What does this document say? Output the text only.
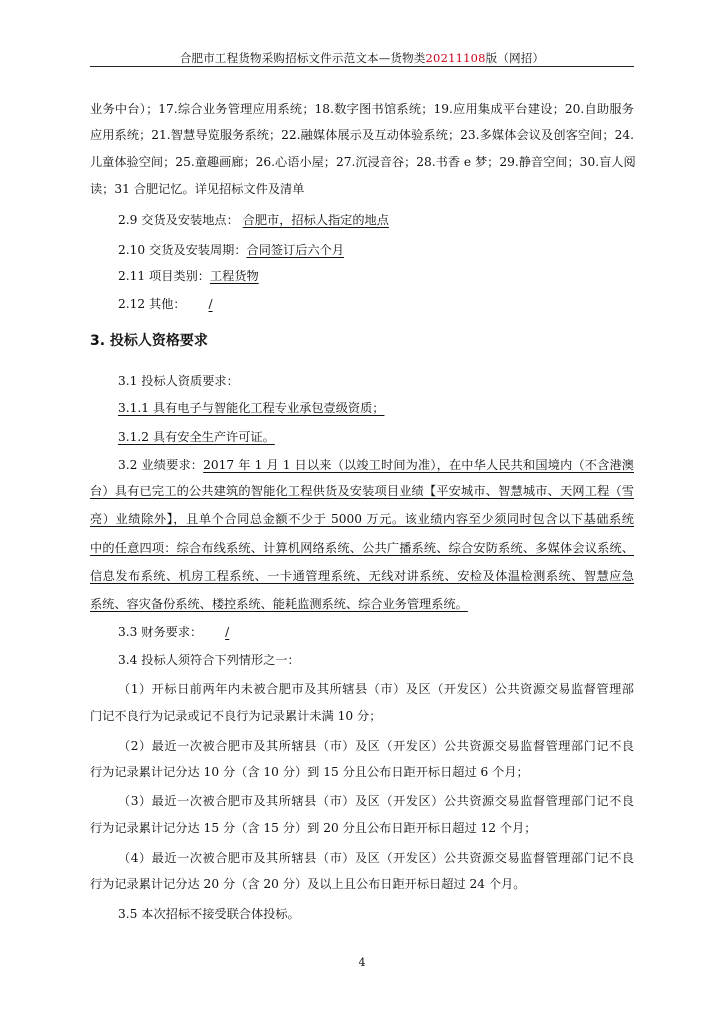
合肥市工程货物采购招标文件示范文本—货物类20211108版（网招）
业务中台）；17.综合业务管理应用系统；18.数字图书馆系统；19.应用集成平台建设；20.自助服务
应用系统；21.智慧导览服务系统；22.融媒体展示及互动体验系统；23.多媒体会议及创客空间；24.
儿童体验空间；25.童趣画廊；26.心语小屋；27.沉浸音谷；28.书香 e 梦；29.静音空间；30.盲人阅
读；31 合肥记忆。详见招标文件及清单
2.9 交货及安装地点： 合肥市，招标人指定的地点
2.10 交货及安装周期：合同签订后六个月
2.11 项目类别：工程货物
2.12 其他： /
3. 投标人资格要求
3.1 投标人资质要求：
3.1.1 具有电子与智能化工程专业承包壹级资质；
3.1.2 具有安全生产许可证。
3.2 业绩要求：2017 年 1 月 1 日以来（以竣工时间为准），在中华人民共和国境内（不含港澳
台）具有已完工的公共建筑的智能化工程供货及安装项目业绩【平安城市、智慧城市、天网工程（雪
亮）业绩除外】，且单个合同总金额不少于 5000 万元。该业绩内容至少须同时包含以下基础系统
中的任意四项：综合布线系统、计算机网络系统、公共广播系统、综合安防系统、多媒体会议系统、
信息发布系统、机房工程系统、一卡通管理系统、无线对讲系统、安检及体温检测系统、智慧应急
系统、容灾备份系统、楼控系统、能耗监测系统、综合业务管理系统。
3.3 财务要求： /
3.4 投标人须符合下列情形之一：
（1）开标日前两年内未被合肥市及其所辖县（市）及区（开发区）公共资源交易监督管理部
门记不良行为记录或记不良行为记录累计未满 10 分；
（2）最近一次被合肥市及其所辖县（市）及区（开发区）公共资源交易监督管理部门记不良
行为记录累计记分达 10 分（含 10 分）到 15 分且公布日距开标日超过 6 个月；
（3）最近一次被合肥市及其所辖县（市）及区（开发区）公共资源交易监督管理部门记不良
行为记录累计记分达 15 分（含 15 分）到 20 分且公布日距开标日超过 12 个月；
（4）最近一次被合肥市及其所辖县（市）及区（开发区）公共资源交易监督管理部门记不良
行为记录累计记分达 20 分（含 20 分）及以上且公布日距开标日超过 24 个月。
3.5 本次招标不接受联合体投标。
4
